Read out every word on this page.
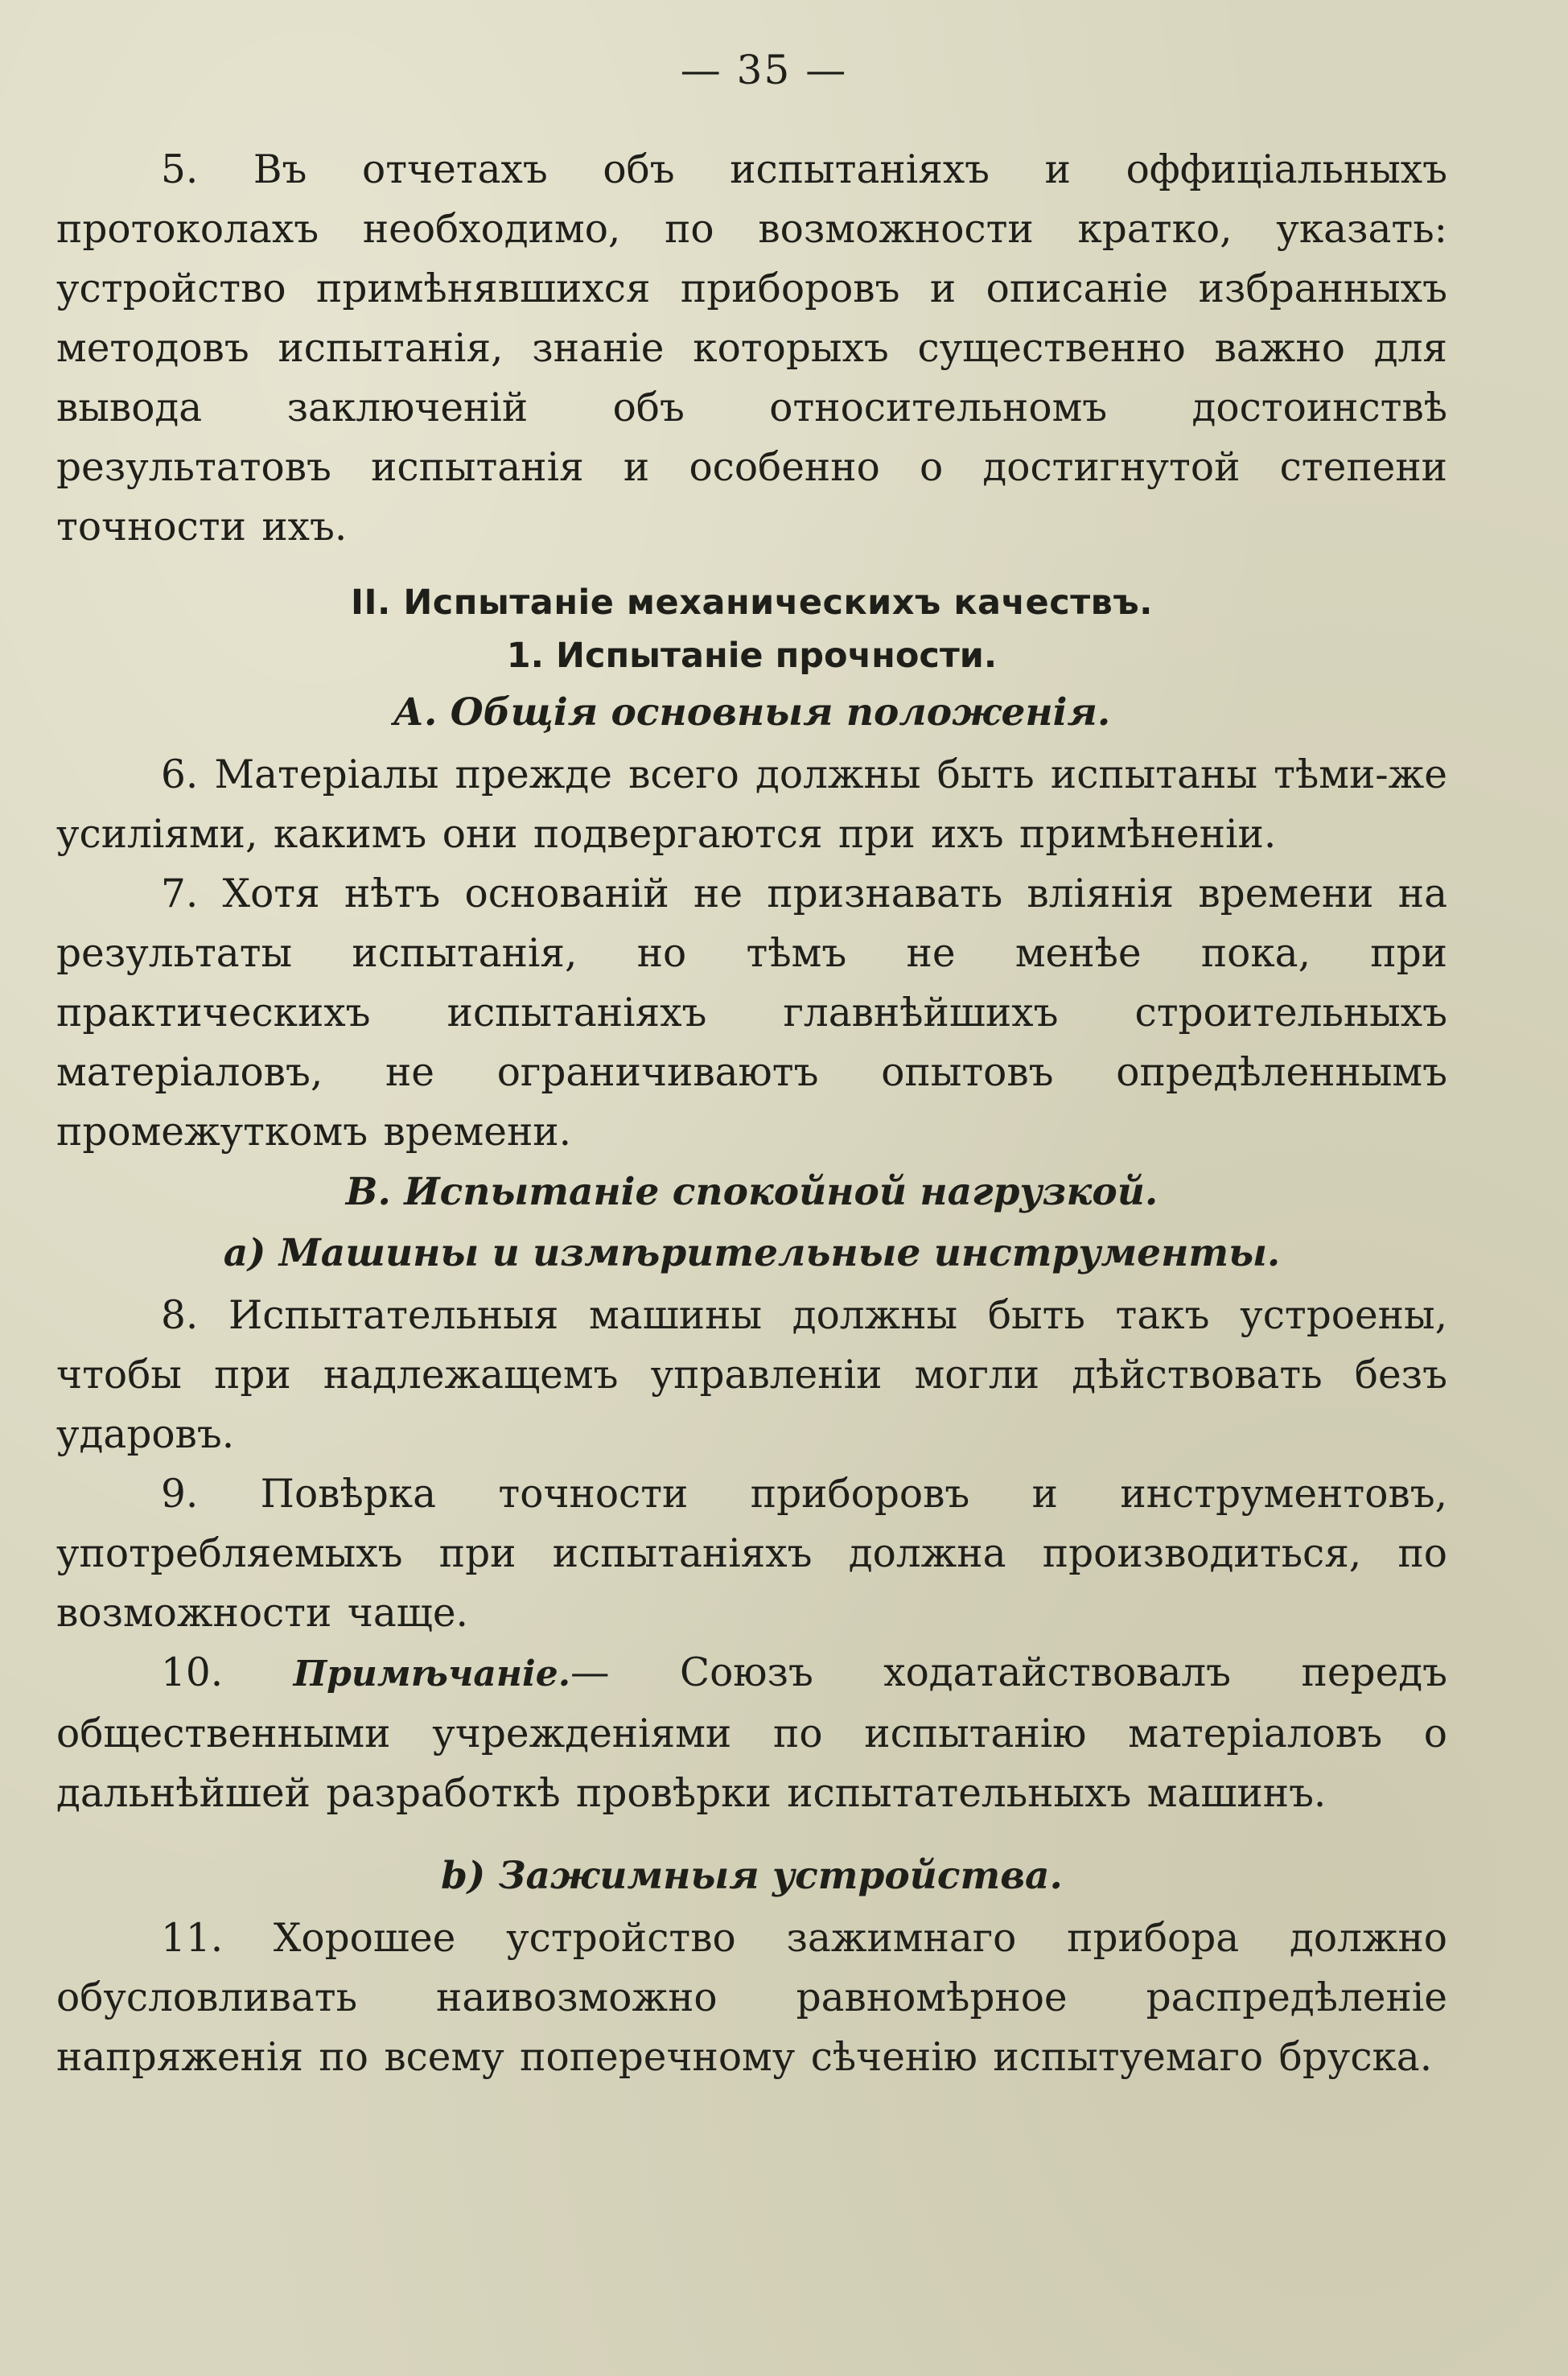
— 35 —

5. Въ отчетахъ объ испытаніяхъ и оффиціальныхъ протоколахъ необходимо, по возможности кратко, указать: устройство примѣнявшихся приборовъ и описаніе избранныхъ методовъ испытанія, знаніе которыхъ существенно важно для вывода заключеній объ относительномъ достоинствѣ результатовъ испытанія и особенно о достигнутой степени точности ихъ.

II. Испытаніе механическихъ качествъ.
1. Испытаніе прочности.
А. Общія основныя положенія.

6. Матеріалы прежде всего должны быть испытаны тѣми-же усиліями, какимъ они подвергаются при ихъ примѣненіи.

7. Хотя нѣтъ основаній не признавать вліянія времени на результаты испытанія, но тѣмъ не менѣе пока, при практическихъ испытаніяхъ главнѣйшихъ строительныхъ матеріаловъ, не ограничиваютъ опытовъ опредѣленнымъ промежуткомъ времени.

В. Испытаніе спокойной нагрузкой.
a) Машины и измѣрительные инструменты.

8. Испытательныя машины должны быть такъ устроены, чтобы при надлежащемъ управленіи могли дѣйствовать безъ ударовъ.

9. Повѣрка точности приборовъ и инструментовъ, употребляемыхъ при испытаніяхъ должна производиться, по возможности чаще.

10. Примѣчаніе.— Союзъ ходатайствовалъ передъ общественными учрежденіями по испытанію матеріаловъ о дальнѣйшей разработкѣ провѣрки испытательныхъ машинъ.

b) Зажимныя устройства.

11. Хорошее устройство зажимнаго прибора должно обусловливать наивозможно равномѣрное распредѣленіе напряженія по всему поперечному сѣченію испытуемаго бруска.
